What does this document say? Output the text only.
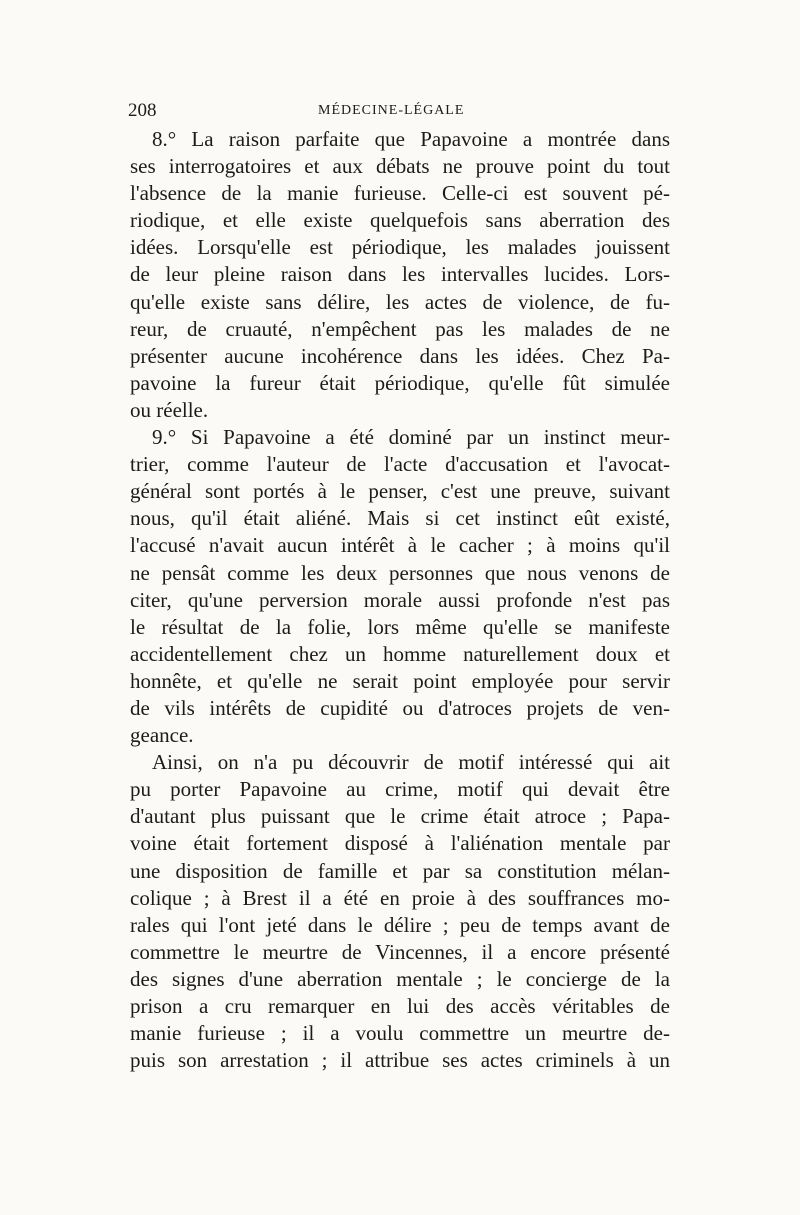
208	MÉDECINE-LÉGALE
8.° La raison parfaite que Papavoine a montrée dans
ses interrogatoires et aux débats ne prouve point du tout
l'absence de la manie furieuse. Celle-ci est souvent pé-
riodique, et elle existe quelquefois sans aberration des
idées. Lorsqu'elle est périodique, les malades jouissent
de leur pleine raison dans les intervalles lucides. Lors-
qu'elle existe sans délire, les actes de violence, de fu-
reur, de cruauté, n'empêchent pas les malades de ne
présenter aucune incohérence dans les idées. Chez Pa-
pavoine la fureur était périodique, qu'elle fût simulée
ou réelle.
9.° Si Papavoine a été dominé par un instinct meur-
trier, comme l'auteur de l'acte d'accusation et l'avocat-
général sont portés à le penser, c'est une preuve, suivant
nous, qu'il était aliéné. Mais si cet instinct eût existé,
l'accusé n'avait aucun intérêt à le cacher ; à moins qu'il
ne pensât comme les deux personnes que nous venons de
citer, qu'une perversion morale aussi profonde n'est pas
le résultat de la folie, lors même qu'elle se manifeste
accidentellement chez un homme naturellement doux et
honnête, et qu'elle ne serait point employée pour servir
de vils intérêts de cupidité ou d'atroces projets de ven-
geance.
Ainsi, on n'a pu découvrir de motif intéressé qui ait
pu porter Papavoine au crime, motif qui devait être
d'autant plus puissant que le crime était atroce ; Papa-
voine était fortement disposé à l'aliénation mentale par
une disposition de famille et par sa constitution mélan-
colique ; à Brest il a été en proie à des souffrances mo-
rales qui l'ont jeté dans le délire ; peu de temps avant de
commettre le meurtre de Vincennes, il a encore présenté
des signes d'une aberration mentale ; le concierge de la
prison a cru remarquer en lui des accès véritables de
manie furieuse ; il a voulu commettre un meurtre de-
puis son arrestation ; il attribue ses actes criminels à un
